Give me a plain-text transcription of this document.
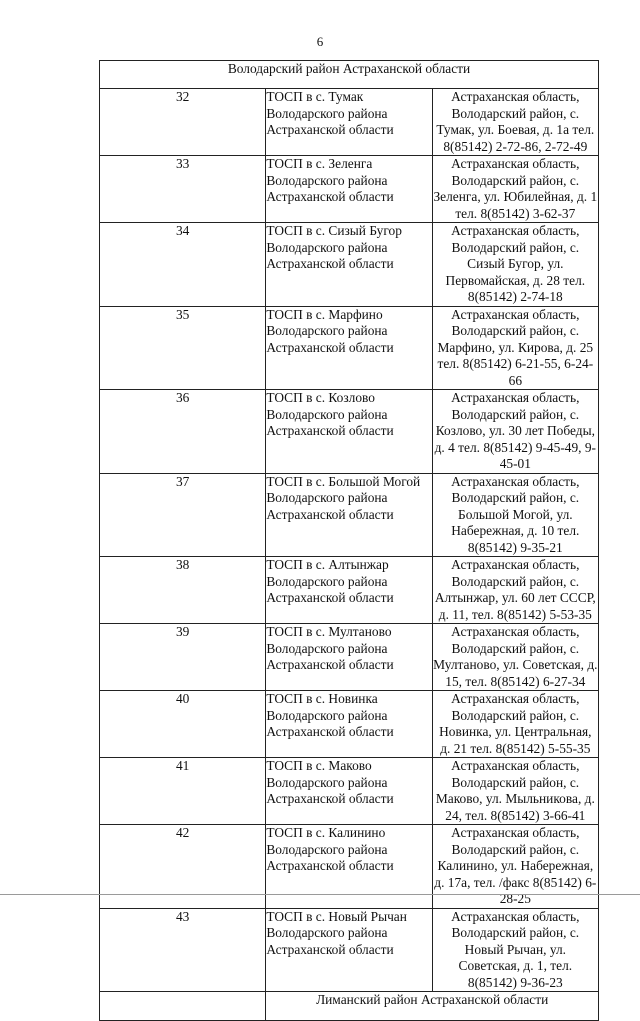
6
Володарский район Астраханской области		
32	ТОСП в с. Тумак Володарского района Астраханской области	Астраханская область, Володарский район, с. Тумак, ул. Боевая, д. 1а тел. 8(85142) 2-72-86, 2-72-49
33	ТОСП в с. Зеленга Володарского района Астраханской области	Астраханская область, Володарский район, с. Зеленга, ул. Юбилейная, д. 1 тел. 8(85142) 3-62-37
34	ТОСП в с. Сизый Бугор Володарского района Астраханской области	Астраханская область, Володарский район, с. Сизый Бугор, ул. Первомайская, д. 28 тел. 8(85142) 2-74-18
35	ТОСП в с. Марфино Володарского района Астраханской области	Астраханская область, Володарский район, с. Марфино, ул. Кирова, д. 25 тел. 8(85142) 6-21-55, 6-24-66
36	ТОСП в с. Козлово Володарского района Астраханской области	Астраханская область, Володарский район, с. Козлово, ул. 30 лет Победы, д. 4 тел. 8(85142) 9-45-49, 9-45-01
37	ТОСП в с. Большой Могой Володарского района Астраханской области	Астраханская область, Володарский район, с. Большой Могой, ул. Набережная, д. 10 тел. 8(85142) 9-35-21
38	ТОСП в с. Алтынжар Володарского района Астраханской области	Астраханская область, Володарский район, с. Алтынжар, ул. 60 лет СССР, д. 11, тел. 8(85142) 5-53-35
39	ТОСП в с. Мултаново Володарского района Астраханской области	Астраханская область, Володарский район, с. Мултаново, ул. Советская, д. 15, тел. 8(85142) 6-27-34
40	ТОСП в с. Новинка Володарского района Астраханской области	Астраханская область, Володарский район, с. Новинка, ул. Центральная, д. 21 тел. 8(85142) 5-55-35
41	ТОСП в с. Маково Володарского района Астраханской области	Астраханская область, Володарский район, с. Маково, ул. Мыльникова, д. 24, тел. 8(85142) 3-66-41
42	ТОСП в с. Калинино Володарского района Астраханской области	Астраханская область, Володарский район, с. Калинино, ул. Набережная, д. 17а, тел. /факс 8(85142) 6-28-25
43	ТОСП в с. Новый Рычан Володарского района Астраханской области	Астраханская область, Володарский район, с. Новый Рычан, ул. Советская, д. 1, тел. 8(85142) 9-36-23
	Лиманский район Астраханской области	
